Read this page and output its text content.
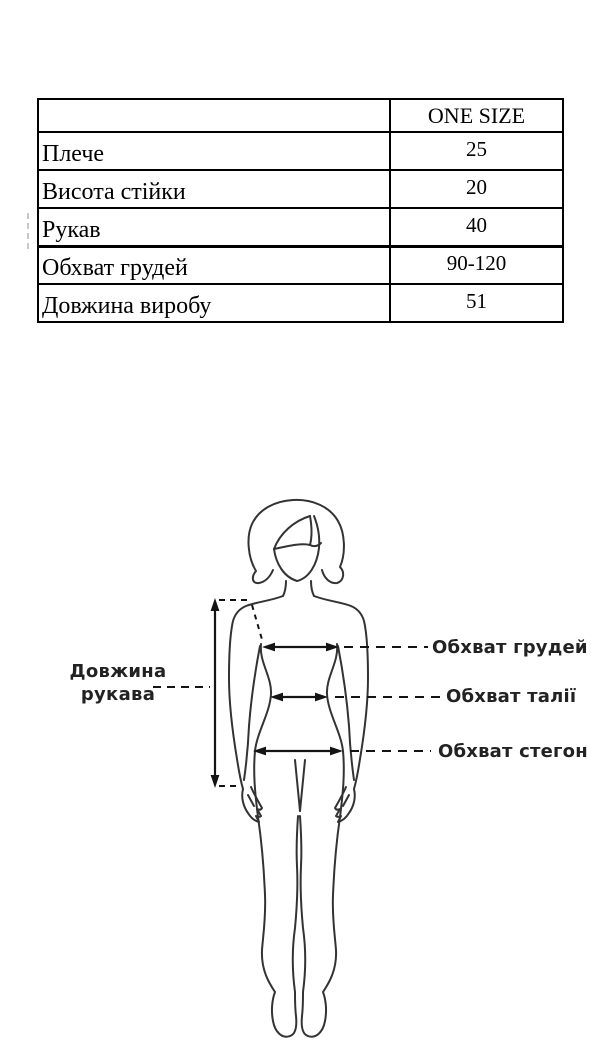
	ONE SIZE
Плече	25
Висота стійки	20
Рукав	40
Обхват грудей	90-120
Довжина виробу	51
Довжина
рукава
Обхват грудей
Обхват талії
Обхват стегон
